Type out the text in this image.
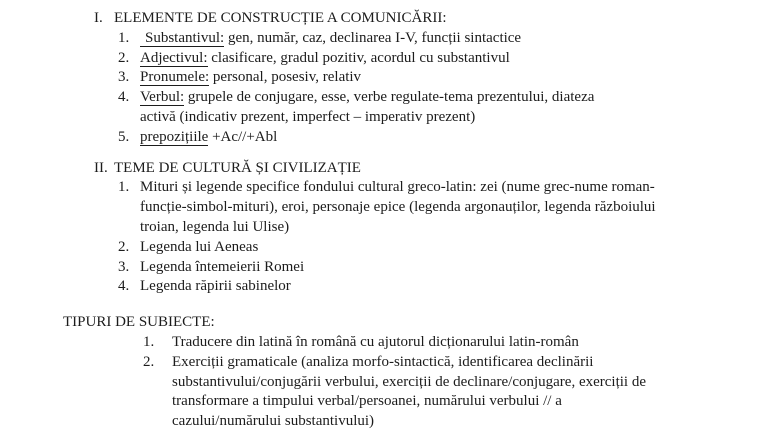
I. ELEMENTE DE CONSTRUCȚIE A COMUNICĂRII:
1.	Substantivul: gen, număr, caz, declinarea I-V, funcții sintactice
2. Adjectivul: clasificare, gradul pozitiv, acordul cu substantivul
3. Pronumele: personal, posesiv, relativ
4. Verbul: grupele de conjugare, esse, verbe regulate-tema prezentului, diateza
activă (indicativ prezent, imperfect – imperativ prezent)
5. prepozițiile +Ac//+Abl
II. TEME DE CULTURĂ ȘI CIVILIZAȚIE
1. Mituri și legende specifice fondului cultural greco-latin: zei (nume grec-nume roman-
funcție-simbol-mituri), eroi, personaje epice (legenda argonauților, legenda războiului
troian, legenda lui Ulise)
2. Legenda lui Aeneas
3. Legenda întemeierii Romei
4. Legenda răpirii sabinelor
TIPURI DE SUBIECTE:
1.	Traducere din latină în română cu ajutorul dicționarului latin-român
2.	Exerciții gramaticale (analiza morfo-sintactică, identificarea declinării
substantivului/conjugării verbului, exerciții de declinare/conjugare, exerciții de
transformare a timpului verbal/persoanei, numărului verbului // a
cazului/numărului substantivului)
